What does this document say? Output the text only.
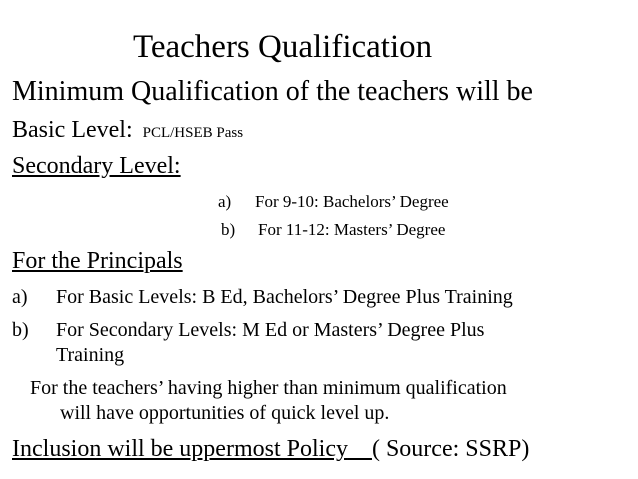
Teachers Qualification
Minimum Qualification of the teachers will be
Basic Level: PCL/HSEB Pass
Secondary Level:
a) For 9-10: Bachelors’ Degree
b) For 11-12: Masters’ Degree
For the Principals
a) For Basic Levels: B Ed, Bachelors’ Degree Plus Training
b) For Secondary Levels: M Ed or Masters’ Degree Plus
Training
For the teachers’ having higher than minimum qualification
will have opportunities of quick level up.
Inclusion will be uppermost Policy ( Source: SSRP)
